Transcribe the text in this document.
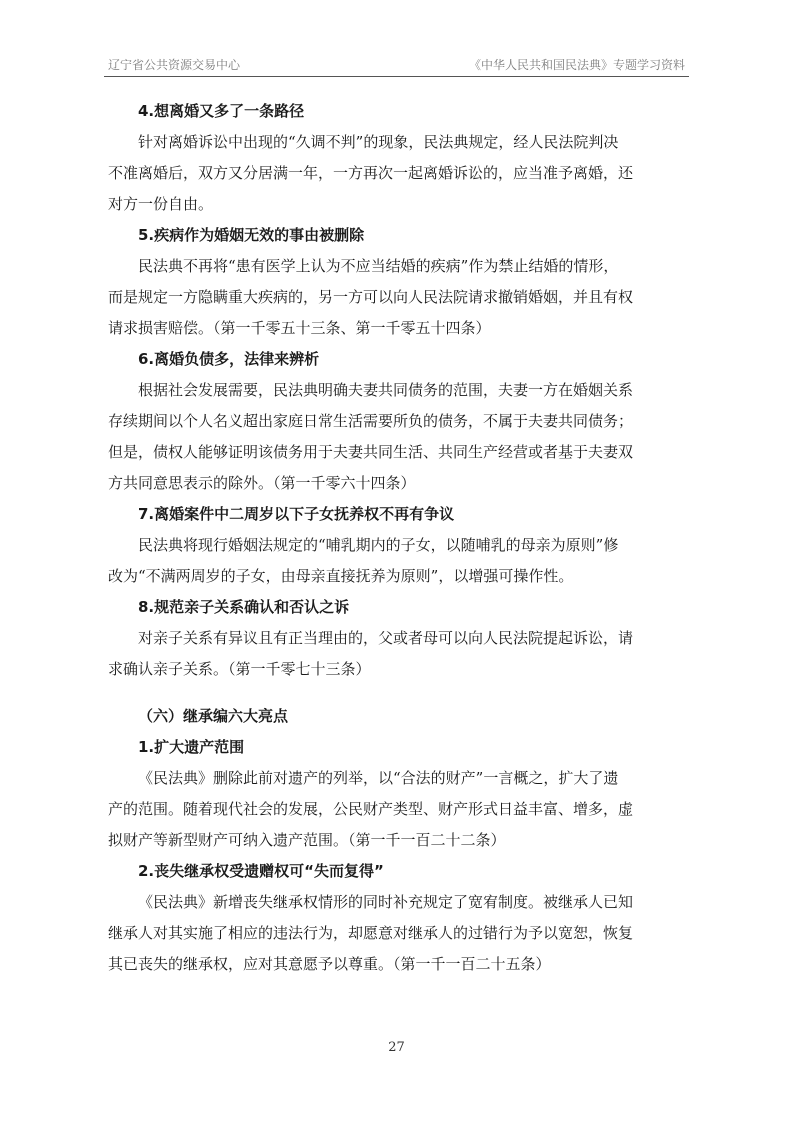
辽宁省公共资源交易中心	《中华人民共和国民法典》专题学习资料
4.想离婚又多了一条路径
针对离婚诉讼中出现的“久调不判”的现象，民法典规定，经人民法院判决
不准离婚后，双方又分居满一年，一方再次一起离婚诉讼的，应当准予离婚，还
对方一份自由。
5.疾病作为婚姻无效的事由被删除
民法典不再将“患有医学上认为不应当结婚的疾病”作为禁止结婚的情形，
而是规定一方隐瞒重大疾病的，另一方可以向人民法院请求撤销婚姻，并且有权
请求损害赔偿。（第一千零五十三条、第一千零五十四条）
6.离婚负债多，法律来辨析
根据社会发展需要，民法典明确夫妻共同债务的范围，夫妻一方在婚姻关系
存续期间以个人名义超出家庭日常生活需要所负的债务，不属于夫妻共同债务；
但是，债权人能够证明该债务用于夫妻共同生活、共同生产经营或者基于夫妻双
方共同意思表示的除外。（第一千零六十四条）
7.离婚案件中二周岁以下子女抚养权不再有争议
民法典将现行婚姻法规定的“哺乳期内的子女，以随哺乳的母亲为原则”修
改为“不满两周岁的子女，由母亲直接抚养为原则”，以增强可操作性。
8.规范亲子关系确认和否认之诉
对亲子关系有异议且有正当理由的，父或者母可以向人民法院提起诉讼，请
求确认亲子关系。（第一千零七十三条）
（六）继承编六大亮点
1.扩大遗产范围
《民法典》删除此前对遗产的列举，以“合法的财产”一言概之，扩大了遗
产的范围。随着现代社会的发展，公民财产类型、财产形式日益丰富、增多，虚
拟财产等新型财产可纳入遗产范围。（第一千一百二十二条）
2.丧失继承权受遗赠权可“失而复得”
《民法典》新增丧失继承权情形的同时补充规定了宽宥制度。被继承人已知
继承人对其实施了相应的违法行为，却愿意对继承人的过错行为予以宽恕，恢复
其已丧失的继承权，应对其意愿予以尊重。（第一千一百二十五条）
27
